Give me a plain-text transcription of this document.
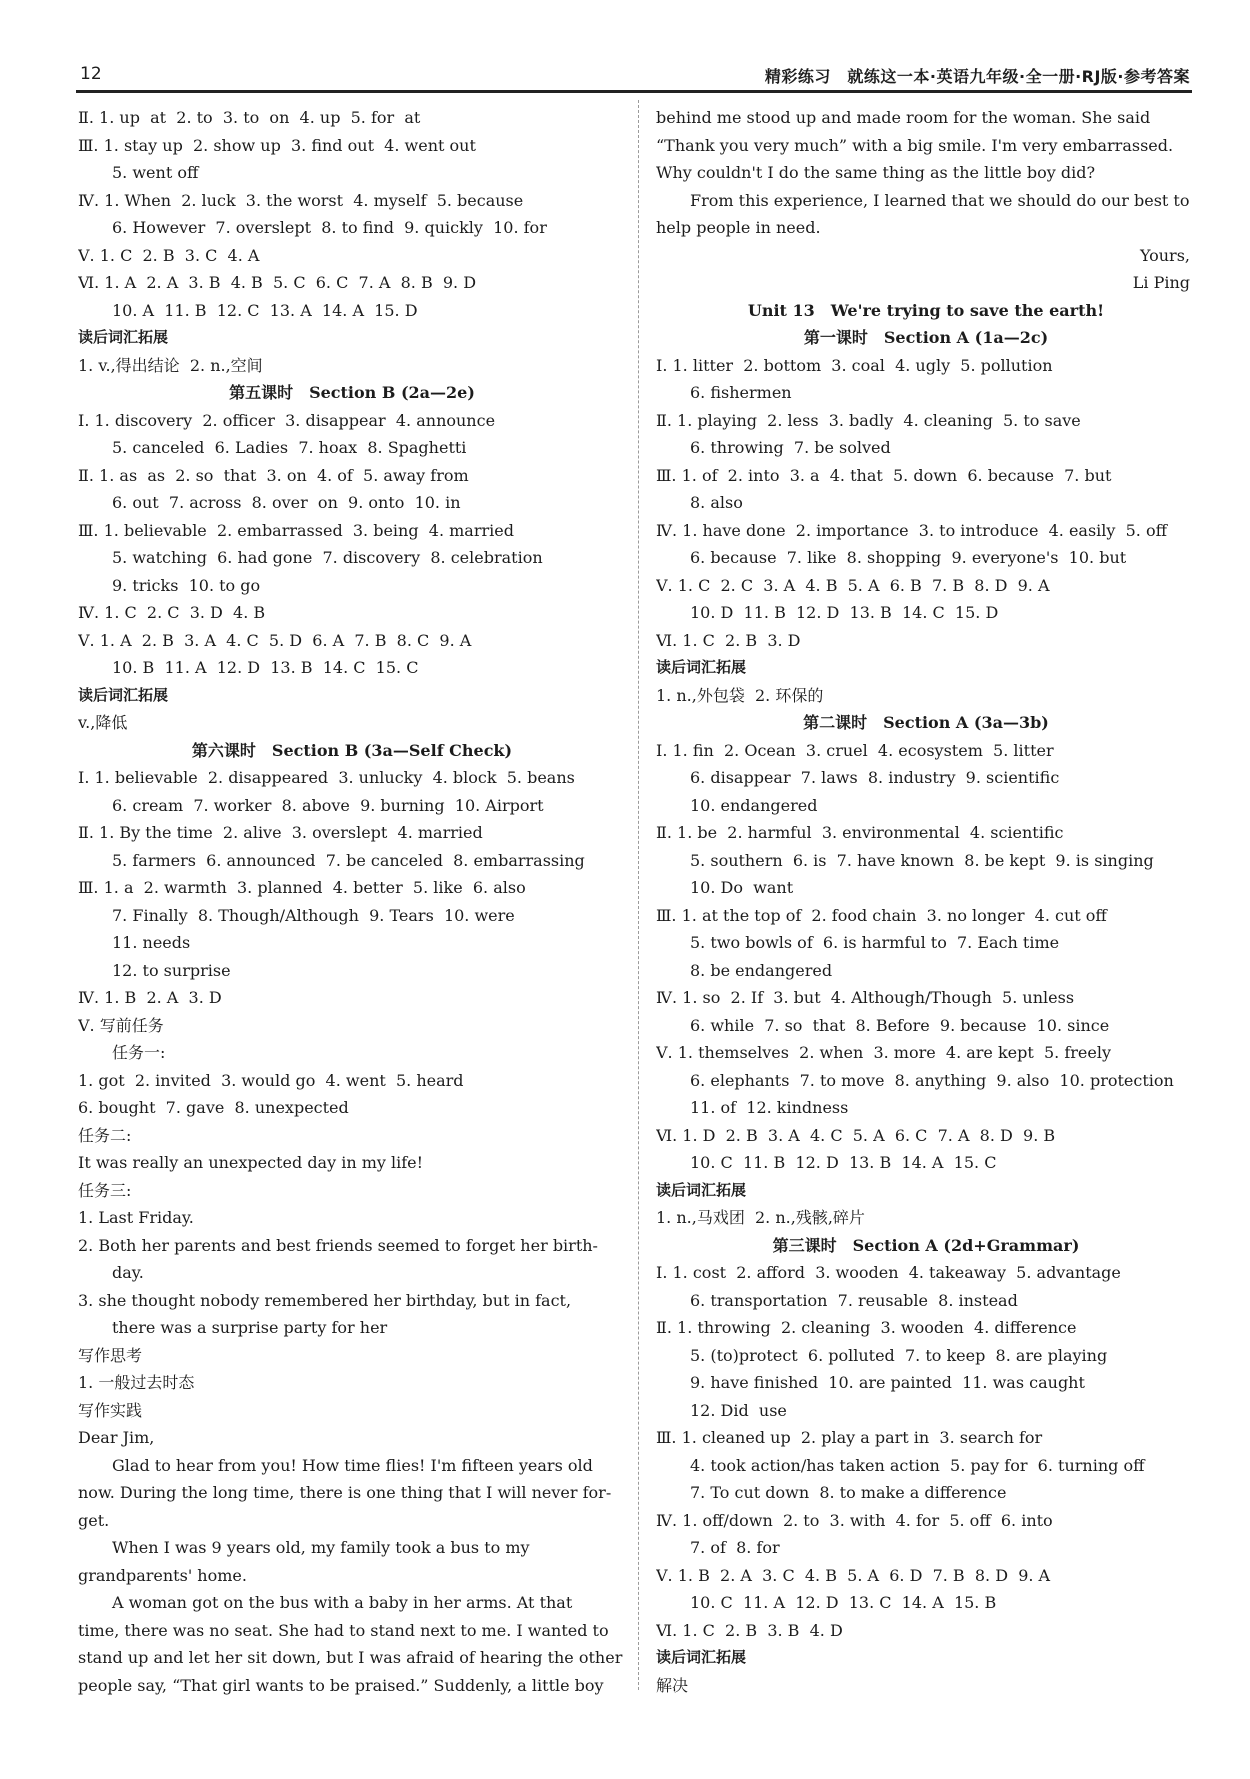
12	精彩练习　就练这一本·英语九年级·全一册·RJ版·参考答案
Ⅱ. 1. up  at  2. to  3. to  on  4. up  5. for  at
Ⅲ. 1. stay up  2. show up  3. find out  4. went out
5. went off
Ⅳ. 1. When  2. luck  3. the worst  4. myself  5. because
6. However  7. overslept  8. to find  9. quickly  10. for
Ⅴ. 1. C  2. B  3. C  4. A
Ⅵ. 1. A  2. A  3. B  4. B  5. C  6. C  7. A  8. B  9. D
10. A  11. B  12. C  13. A  14. A  15. D
读后词汇拓展
1. v.,得出结论  2. n.,空间
第五课时　Section B (2a—2e)
Ⅰ. 1. discovery  2. officer  3. disappear  4. announce
5. canceled  6. Ladies  7. hoax  8. Spaghetti
Ⅱ. 1. as  as  2. so  that  3. on  4. of  5. away from
6. out  7. across  8. over  on  9. onto  10. in
Ⅲ. 1. believable  2. embarrassed  3. being  4. married
5. watching  6. had gone  7. discovery  8. celebration
9. tricks  10. to go
Ⅳ. 1. C  2. C  3. D  4. B
Ⅴ. 1. A  2. B  3. A  4. C  5. D  6. A  7. B  8. C  9. A
10. B  11. A  12. D  13. B  14. C  15. C
读后词汇拓展
v.,降低
第六课时　Section B (3a—Self Check)
Ⅰ. 1. believable  2. disappeared  3. unlucky  4. block  5. beans
6. cream  7. worker  8. above  9. burning  10. Airport
Ⅱ. 1. By the time  2. alive  3. overslept  4. married
5. farmers  6. announced  7. be canceled  8. embarrassing
Ⅲ. 1. a  2. warmth  3. planned  4. better  5. like  6. also
7. Finally  8. Though/Although  9. Tears  10. were
11. needs
12. to surprise
Ⅳ. 1. B  2. A  3. D
Ⅴ. 写前任务
任务一:
1. got  2. invited  3. would go  4. went  5. heard
6. bought  7. gave  8. unexpected
任务二:
It was really an unexpected day in my life!
任务三:
1. Last Friday.
2. Both her parents and best friends seemed to forget her birth-
day.
3. she thought nobody remembered her birthday, but in fact,
there was a surprise party for her
写作思考
1. 一般过去时态
写作实践
Dear Jim,
Glad to hear from you! How time flies! I'm fifteen years old
now. During the long time, there is one thing that I will never for-
get.
When I was 9 years old, my family took a bus to my
grandparents' home.
A woman got on the bus with a baby in her arms. At that
time, there was no seat. She had to stand next to me. I wanted to
stand up and let her sit down, but I was afraid of hearing the other
people say, “That girl wants to be praised.” Suddenly, a little boy
behind me stood up and made room for the woman. She said
“Thank you very much” with a big smile. I'm very embarrassed.
Why couldn't I do the same thing as the little boy did?
From this experience, I learned that we should do our best to
help people in need.
Yours,
Li Ping
Unit 13　We're trying to save the earth!
第一课时　Section A (1a—2c)
Ⅰ. 1. litter  2. bottom  3. coal  4. ugly  5. pollution
6. fishermen
Ⅱ. 1. playing  2. less  3. badly  4. cleaning  5. to save
6. throwing  7. be solved
Ⅲ. 1. of  2. into  3. a  4. that  5. down  6. because  7. but
8. also
Ⅳ. 1. have done  2. importance  3. to introduce  4. easily  5. off
6. because  7. like  8. shopping  9. everyone's  10. but
Ⅴ. 1. C  2. C  3. A  4. B  5. A  6. B  7. B  8. D  9. A
10. D  11. B  12. D  13. B  14. C  15. D
Ⅵ. 1. C  2. B  3. D
读后词汇拓展
1. n.,外包袋  2. 环保的
第二课时　Section A (3a—3b)
Ⅰ. 1. fin  2. Ocean  3. cruel  4. ecosystem  5. litter
6. disappear  7. laws  8. industry  9. scientific
10. endangered
Ⅱ. 1. be  2. harmful  3. environmental  4. scientific
5. southern  6. is  7. have known  8. be kept  9. is singing
10. Do  want
Ⅲ. 1. at the top of  2. food chain  3. no longer  4. cut off
5. two bowls of  6. is harmful to  7. Each time
8. be endangered
Ⅳ. 1. so  2. If  3. but  4. Although/Though  5. unless
6. while  7. so  that  8. Before  9. because  10. since
Ⅴ. 1. themselves  2. when  3. more  4. are kept  5. freely
6. elephants  7. to move  8. anything  9. also  10. protection
11. of  12. kindness
Ⅵ. 1. D  2. B  3. A  4. C  5. A  6. C  7. A  8. D  9. B
10. C  11. B  12. D  13. B  14. A  15. C
读后词汇拓展
1. n.,马戏团  2. n.,残骸,碎片
第三课时　Section A (2d+Grammar)
Ⅰ. 1. cost  2. afford  3. wooden  4. takeaway  5. advantage
6. transportation  7. reusable  8. instead
Ⅱ. 1. throwing  2. cleaning  3. wooden  4. difference
5. (to)protect  6. polluted  7. to keep  8. are playing
9. have finished  10. are painted  11. was caught
12. Did  use
Ⅲ. 1. cleaned up  2. play a part in  3. search for
4. took action/has taken action  5. pay for  6. turning off
7. To cut down  8. to make a difference
Ⅳ. 1. off/down  2. to  3. with  4. for  5. off  6. into
7. of  8. for
Ⅴ. 1. B  2. A  3. C  4. B  5. A  6. D  7. B  8. D  9. A
10. C  11. A  12. D  13. C  14. A  15. B
Ⅵ. 1. C  2. B  3. B  4. D
读后词汇拓展
解决
